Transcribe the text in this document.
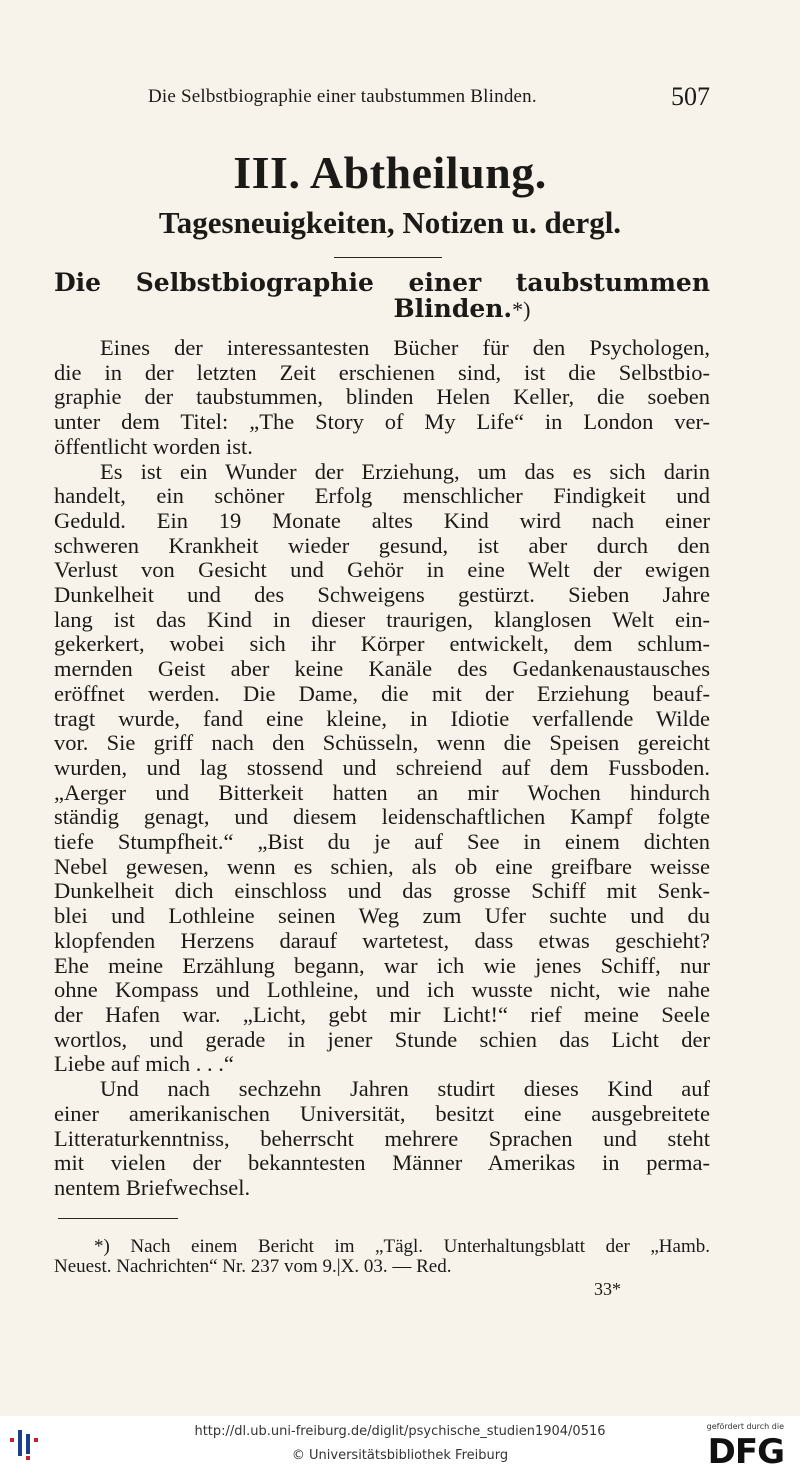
Die Selbstbiographie einer taubstummen Blinden.	507
III. Abtheilung.
Tagesneuigkeiten, Notizen u. dergl.
Die Selbstbiographie einer taubstummen
Blinden.*)
Eines der interessantesten Bücher für den Psychologen,
die in der letzten Zeit erschienen sind, ist die Selbstbio-
graphie der taubstummen, blinden Helen Keller, die soeben
unter dem Titel: „The Story of My Life“ in London ver-
öffentlicht worden ist.
Es ist ein Wunder der Erziehung, um das es sich darin
handelt, ein schöner Erfolg menschlicher Findigkeit und
Geduld. Ein 19 Monate altes Kind wird nach einer
schweren Krankheit wieder gesund, ist aber durch den
Verlust von Gesicht und Gehör in eine Welt der ewigen
Dunkelheit und des Schweigens gestürzt. Sieben Jahre
lang ist das Kind in dieser traurigen, klanglosen Welt ein-
gekerkert, wobei sich ihr Körper entwickelt, dem schlum-
mernden Geist aber keine Kanäle des Gedankenaustausches
eröffnet werden. Die Dame, die mit der Erziehung beauf-
tragt wurde, fand eine kleine, in Idiotie verfallende Wilde
vor. Sie griff nach den Schüsseln, wenn die Speisen gereicht
wurden, und lag stossend und schreiend auf dem Fussboden.
„Aerger und Bitterkeit hatten an mir Wochen hindurch
ständig genagt, und diesem leidenschaftlichen Kampf folgte
tiefe Stumpfheit.“ „Bist du je auf See in einem dichten
Nebel gewesen, wenn es schien, als ob eine greifbare weisse
Dunkelheit dich einschloss und das grosse Schiff mit Senk-
blei und Lothleine seinen Weg zum Ufer suchte und du
klopfenden Herzens darauf wartetest, dass etwas geschieht?
Ehe meine Erzählung begann, war ich wie jenes Schiff, nur
ohne Kompass und Lothleine, und ich wusste nicht, wie nahe
der Hafen war. „Licht, gebt mir Licht!“ rief meine Seele
wortlos, und gerade in jener Stunde schien das Licht der
Liebe auf mich . . .“
Und nach sechzehn Jahren studirt dieses Kind auf
einer amerikanischen Universität, besitzt eine ausgebreitete
Litteraturkenntniss, beherrscht mehrere Sprachen und steht
mit vielen der bekanntesten Männer Amerikas in perma-
nentem Briefwechsel.
*) Nach einem Bericht im „Tägl. Unterhaltungsblatt der „Hamb.
Neuest. Nachrichten“ Nr. 237 vom 9.|X. 03. — Red.
33*
http://dl.ub.uni-freiburg.de/diglit/psychische_studien1904/0516
© Universitätsbibliothek Freiburg
gefördert durch die
DFG
